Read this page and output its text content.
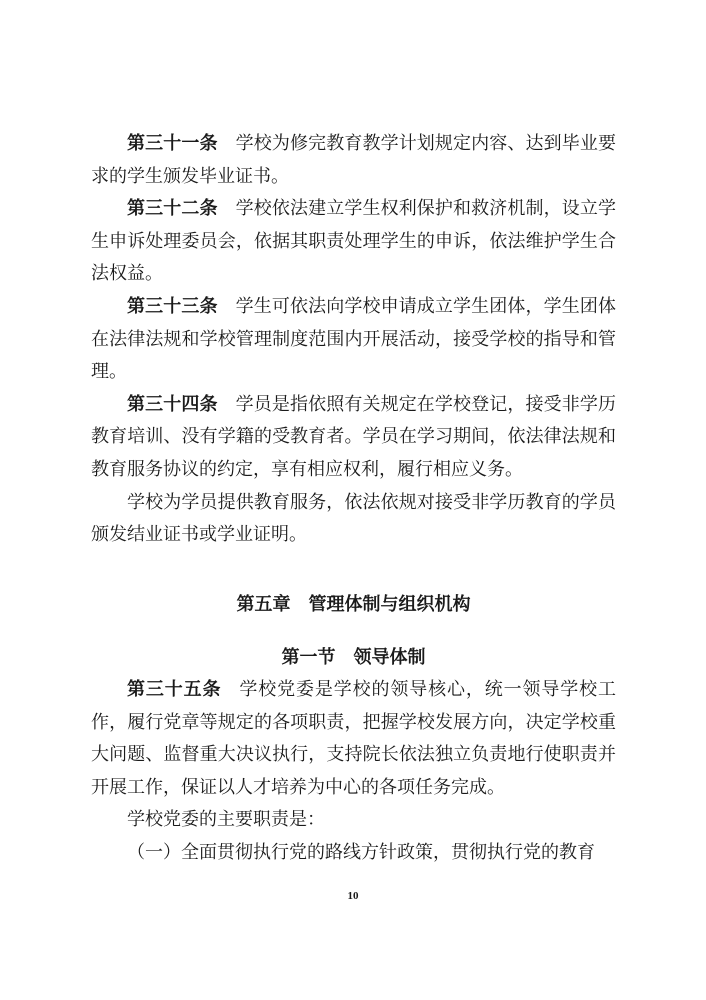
第三十一条 学校为修完教育教学计划规定内容、达到毕业要求的学生颁发毕业证书。

第三十二条 学校依法建立学生权利保护和救济机制，设立学生申诉处理委员会，依据其职责处理学生的申诉，依法维护学生合法权益。

第三十三条 学生可依法向学校申请成立学生团体，学生团体在法律法规和学校管理制度范围内开展活动，接受学校的指导和管理。

第三十四条 学员是指依照有关规定在学校登记，接受非学历教育培训、没有学籍的受教育者。学员在学习期间，依法律法规和教育服务协议的约定，享有相应权利，履行相应义务。

学校为学员提供教育服务，依法依规对接受非学历教育的学员颁发结业证书或学业证明。

第五章　管理体制与组织机构

第一节　领导体制

第三十五条 学校党委是学校的领导核心，统一领导学校工作，履行党章等规定的各项职责，把握学校发展方向，决定学校重大问题、监督重大决议执行，支持院长依法独立负责地行使职责并开展工作，保证以人才培养为中心的各项任务完成。

学校党委的主要职责是：

（一）全面贯彻执行党的路线方针政策，贯彻执行党的教育

10
